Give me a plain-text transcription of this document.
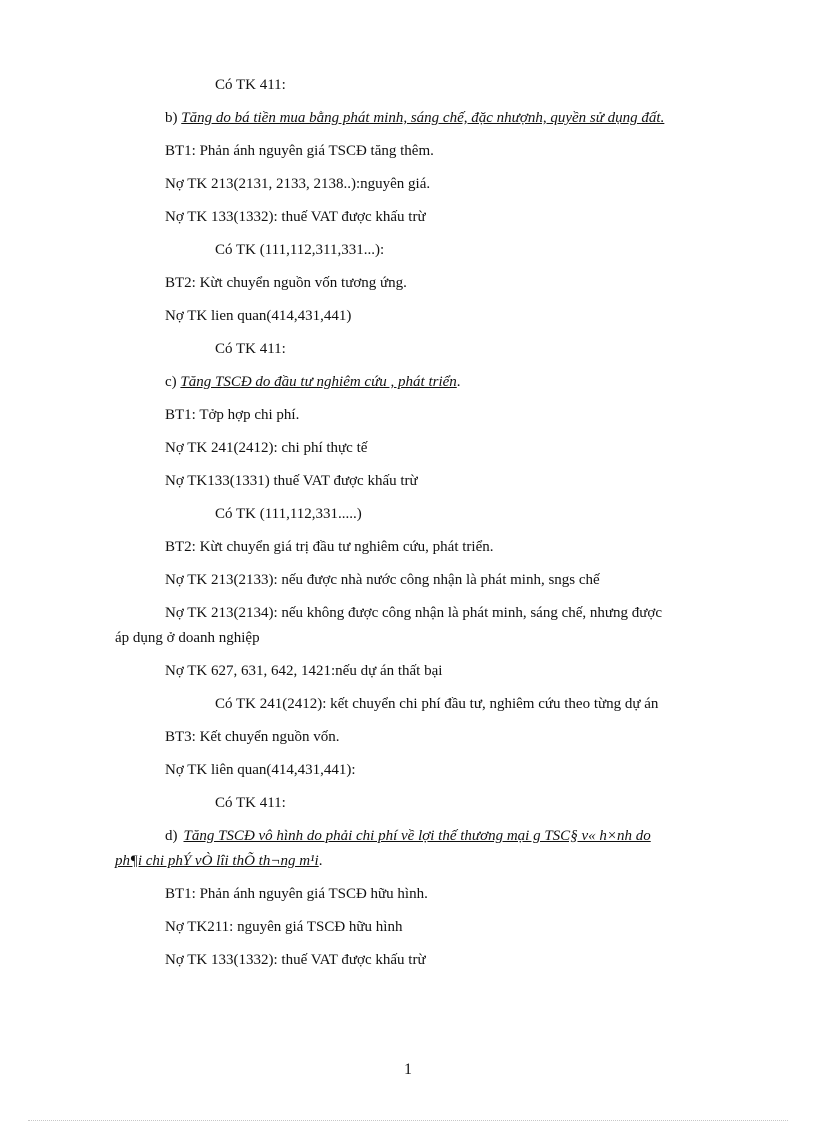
Có TK 411:
b) Tăng do bá tiền mua bằng phát minh, sáng chế, đặc nhượnh, quyền sử dụng đất.
BT1: Phản ánh nguyên giá TSCĐ tăng thêm.
Nợ TK 213(2131, 2133, 2138..):nguyên giá.
Nợ TK 133(1332): thuế VAT được khấu trừ
Có TK (111,112,311,331...):
BT2: Kừt chuyển nguồn vốn tương ứng.
Nợ TK lien quan(414,431,441)
Có TK 411:
c) Tăng TSCĐ do đầu tư nghiêm cứu , phát triển.
BT1: Tởp hợp chi phí.
Nợ TK 241(2412): chi phí thực tế
Nợ TK133(1331) thuế VAT được khấu trừ
Có TK (111,112,331.....)
BT2: Kừt chuyển giá trị đầu tư nghiêm cứu, phát triển.
Nợ TK 213(2133): nếu được nhà nước công nhận là phát minh, sngs chế
Nợ TK 213(2134): nếu không được công nhận là phát minh, sáng chế, nhưng được
áp dụng ở doanh nghiệp
Nợ TK 627, 631, 642, 1421:nếu dự án thất bại
Có TK 241(2412): kết chuyển chi phí đầu tư, nghiêm cứu theo từng dự án
BT3: Kết chuyển nguồn vốn.
Nợ TK liên quan(414,431,441):
Có TK 411:
d) Tăng TSCĐ vô hình do phải chi phí về lợi thế thương mại g TSC§ v« h×nh do
ph¶i chi phÝ vÒ lîi thÕ th¬ng m¹i.
BT1: Phản ánh nguyên giá TSCĐ hữu hình.
Nợ TK211: nguyên giá TSCĐ hữu hình
Nợ TK 133(1332): thuế VAT được khấu trừ
1
